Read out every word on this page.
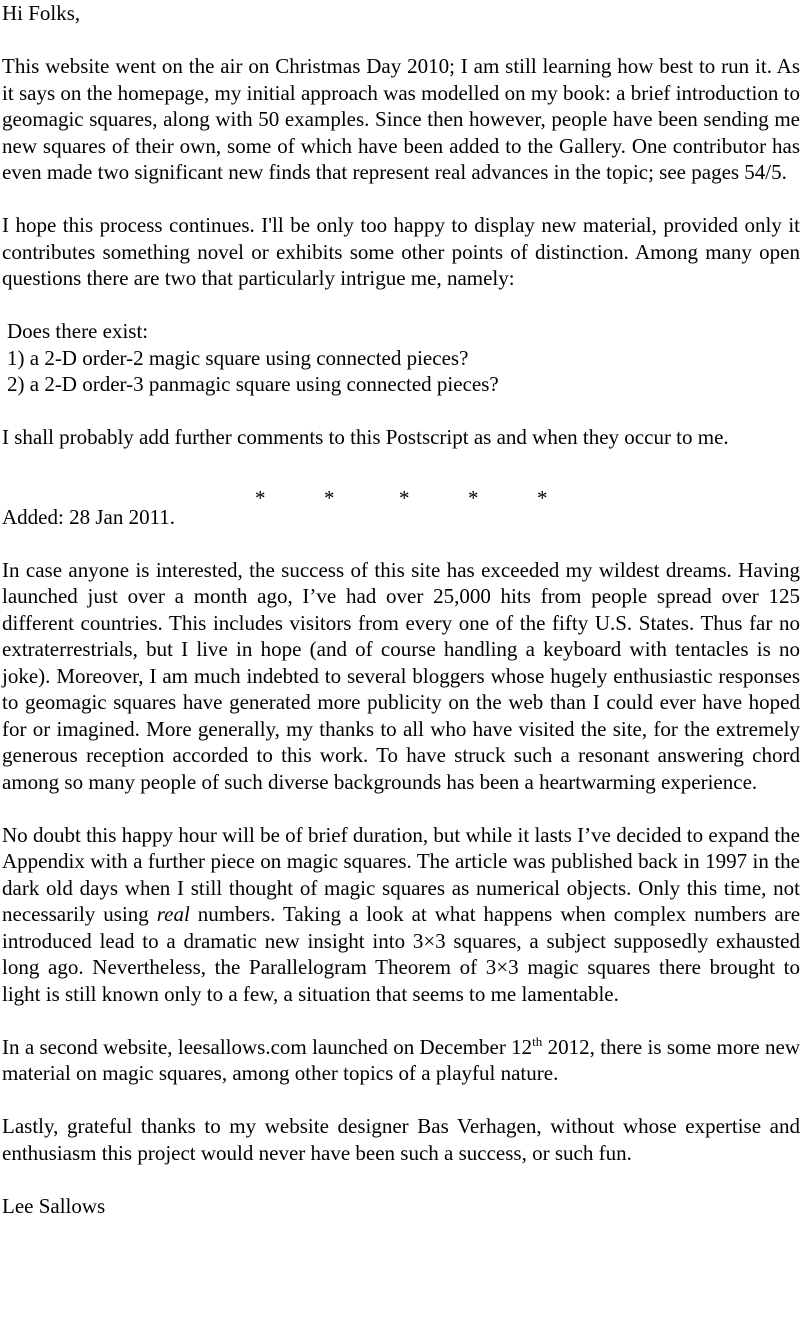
Hi Folks,

This website went on the air on Christmas Day 2010; I am still learning how best to run it. As it says on the homepage, my initial approach was modelled on my book: a brief introduction to geomagic squares, along with 50 examples. Since then however, people have been sending me new squares of their own, some of which have been added to the Gallery. One contributor has even made two significant new finds that represent real advances in the topic; see pages 54/5.

I hope this process continues. I'll be only too happy to display new material, provided only it contributes something novel or exhibits some other points of distinction. Among many open questions there are two that particularly intrigue me, namely:

Does there exist:

1) a 2-D order-2 magic square using connected pieces?

2) a 2-D order-3 panmagic square using connected pieces?

I shall probably add further comments to this Postscript as and when they occur to me.

*	*	*	*	*

Added: 28 Jan 2011.

In case anyone is interested, the success of this site has exceeded my wildest dreams. Having launched just over a month ago, I’ve had over 25,000 hits from people spread over 125 different countries. This includes visitors from every one of the fifty U.S. States. Thus far no extraterrestrials, but I live in hope (and of course handling a keyboard with tentacles is no joke). Moreover, I am much indebted to several bloggers whose hugely enthusiastic responses to geomagic squares have generated more publicity on the web than I could ever have hoped for or imagined. More generally, my thanks to all who have visited the site, for the extremely generous reception accorded to this work. To have struck such a resonant answering chord among so many people of such diverse backgrounds has been a heartwarming experience.

No doubt this happy hour will be of brief duration, but while it lasts I’ve decided to expand the Appendix with a further piece on magic squares. The article was published back in 1997 in the dark old days when I still thought of magic squares as numerical objects. Only this time, not necessarily using real numbers. Taking a look at what happens when complex numbers are introduced lead to a dramatic new insight into 3×3 squares, a subject supposedly exhausted long ago. Nevertheless, the Parallelogram Theorem of 3×3 magic squares there brought to light is still known only to a few, a situation that seems to me lamentable.

In a second website, leesallows.com launched on December 12th 2012, there is some more new material on magic squares, among other topics of a playful nature.

Lastly, grateful thanks to my website designer Bas Verhagen, without whose expertise and enthusiasm this project would never have been such a success, or such fun.

Lee Sallows
